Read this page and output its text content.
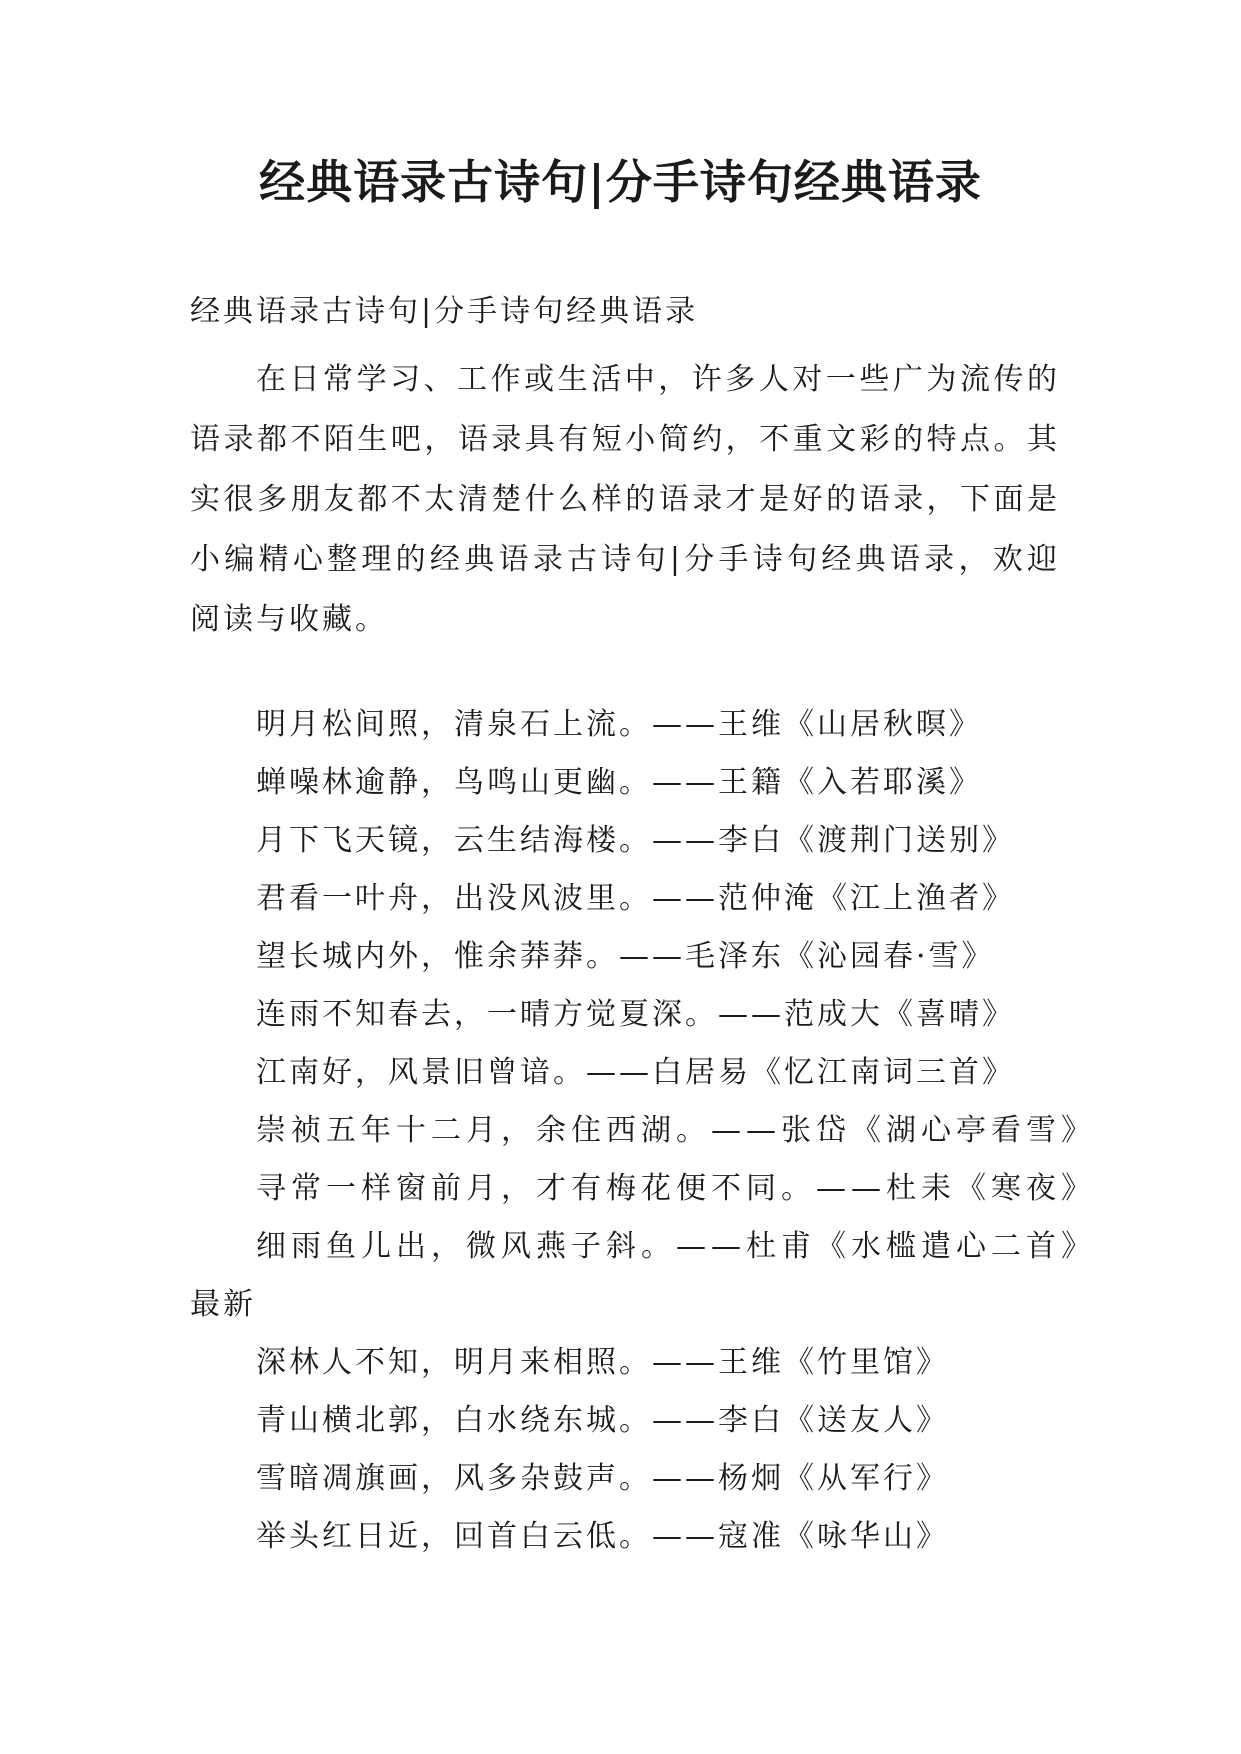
经典语录古诗句|分手诗句经典语录

经典语录古诗句|分手诗句经典语录

在日常学习、工作或生活中，许多人对一些广为流传的语录都不陌生吧，语录具有短小简约，不重文彩的特点。其实很多朋友都不太清楚什么样的语录才是好的语录，下面是小编精心整理的经典语录古诗句|分手诗句经典语录，欢迎阅读与收藏。

明月松间照，清泉石上流。——王维《山居秋暝》
蝉噪林逾静，鸟鸣山更幽。——王籍《入若耶溪》
月下飞天镜，云生结海楼。——李白《渡荆门送别》
君看一叶舟，出没风波里。——范仲淹《江上渔者》
望长城内外，惟余莽莽。——毛泽东《沁园春·雪》
连雨不知春去，一晴方觉夏深。——范成大《喜晴》
江南好，风景旧曾谙。——白居易《忆江南词三首》
崇祯五年十二月，余住西湖。——张岱《湖心亭看雪》
寻常一样窗前月，才有梅花便不同。——杜耒《寒夜》
细雨鱼儿出，微风燕子斜。——杜甫《水槛遣心二首》
最新
深林人不知，明月来相照。——王维《竹里馆》
青山横北郭，白水绕东城。——李白《送友人》
雪暗凋旗画，风多杂鼓声。——杨炯《从军行》
举头红日近，回首白云低。——寇准《咏华山》
